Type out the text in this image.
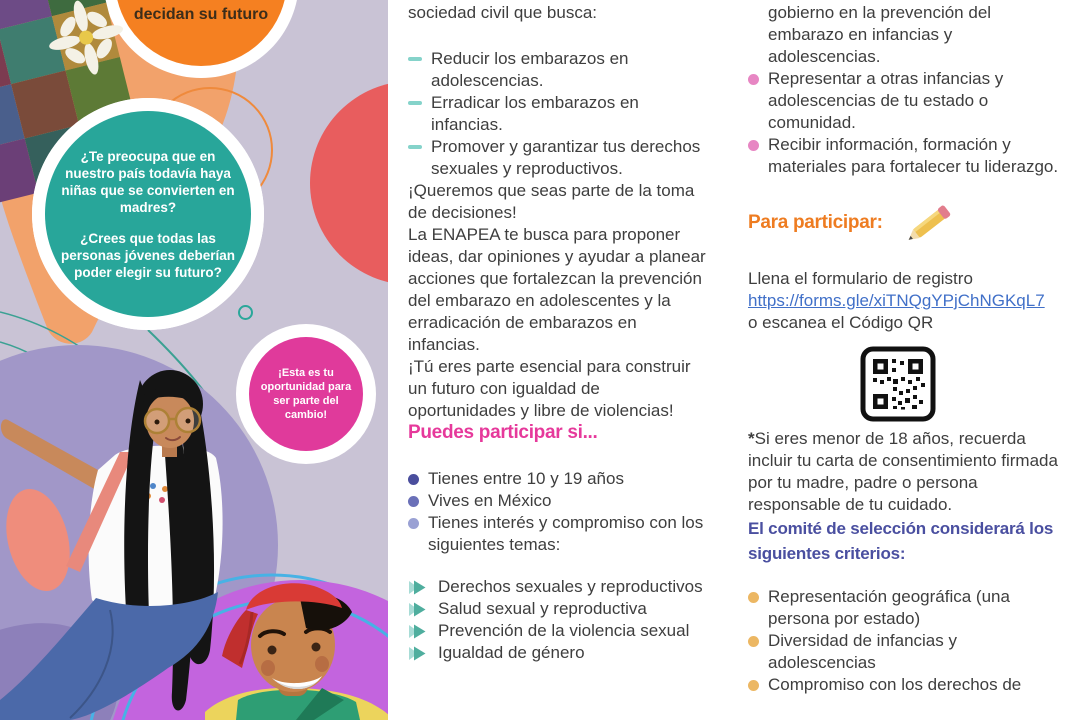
decidan su futuro

¿Te preocupa que en nuestro país todavía haya niñas que se convierten en madres?

¿Crees que todas las personas jóvenes deberían poder elegir su futuro?

¡Esta es tu oportunidad para ser parte del cambio!

sociedad civil que busca:

Reducir los embarazos en adolescencias.
Erradicar los embarazos en infancias.
Promover y garantizar tus derechos sexuales y reproductivos.

¡Queremos que seas parte de la toma de decisiones!

La ENAPEA te busca para proponer ideas, dar opiniones y ayudar a planear acciones que fortalezcan la prevención del embarazo en adolescentes y la erradicación de embarazos en infancias.

¡Tú eres parte esencial para construir un futuro con igualdad de oportunidades y libre de violencias!

Puedes participar si...

Tienes entre 10 y 19 años
Vives en México
Tienes interés y compromiso con los siguientes temas:
Derechos sexuales y reproductivos
Salud sexual y reproductiva
Prevención de la violencia sexual
Igualdad de género

gobierno en la prevención del embarazo en infancias y adolescencias.

Representar a otras infancias y adolescencias de tu estado o comunidad.
Recibir información, formación y materiales para fortalecer tu liderazgo.
Para participar:

Llena el formulario de registro

https://forms.gle/xiTNQgYPjChNGKqL7

o escanea el Código QR

*Si eres menor de 18 años, recuerda incluir tu carta de consentimiento firmada por tu madre, padre o persona responsable de tu cuidado.

El comité de selección considerará los siguientes criterios:

Representación geográfica (una persona por estado)
Diversidad de infancias y adolescencias
Compromiso con los derechos de
